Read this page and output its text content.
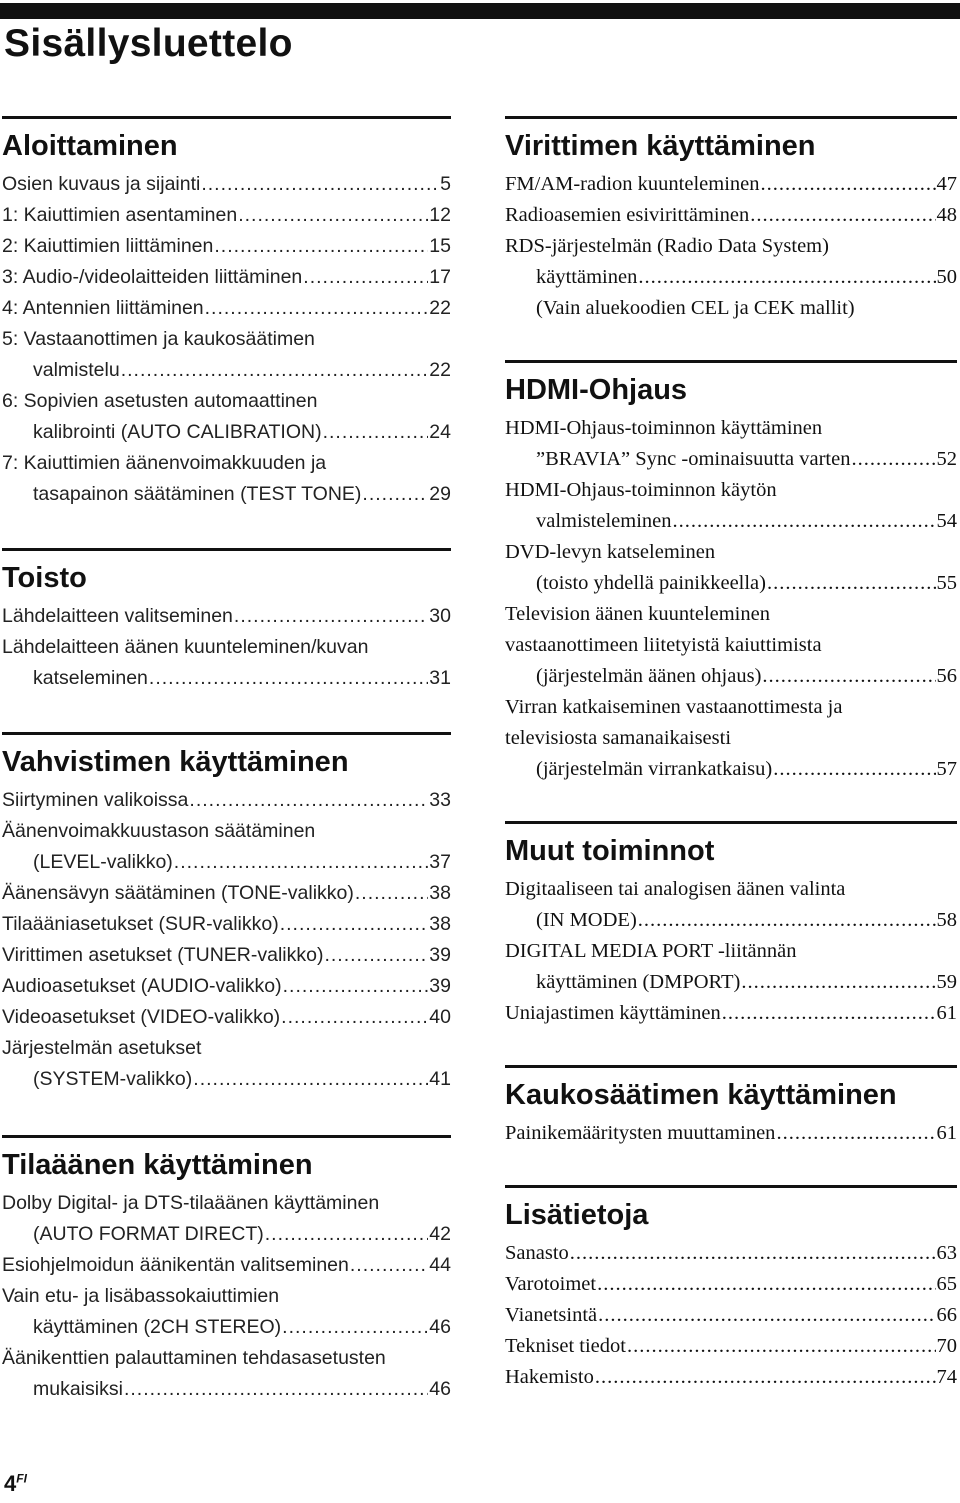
Sisällysluettelo
Aloittaminen
Osien kuvaus ja sijainti .....	5
1: Kaiuttimien asentaminen .....	12
2: Kaiuttimien liittäminen .....	15
3: Audio-/videolaitteiden liittäminen .....	17
4: Antennien liittäminen .....	22
5: Vastaanottimen ja kaukosäätimen
valmistelu .....	22
6: Sopivien asetusten automaattinen
kalibrointi (AUTO CALIBRATION) .....	24
7: Kaiuttimien äänenvoimakkuuden ja
tasapainon säätäminen (TEST TONE) .....	29
Toisto
Lähdelaitteen valitseminen .....	30
Lähdelaitteen äänen kuunteleminen/kuvan
katseleminen .....	31
Vahvistimen käyttäminen
Siirtyminen valikoissa .....	33
Äänenvoimakkuustason säätäminen
(LEVEL-valikko) .....	37
Äänensävyn säätäminen (TONE-valikko) .....	38
Tilaääniasetukset (SUR-valikko) .....	38
Virittimen asetukset (TUNER-valikko) .....	39
Audioasetukset (AUDIO-valikko) .....	39
Videoasetukset (VIDEO-valikko) .....	40
Järjestelmän asetukset
(SYSTEM-valikko) .....	41
Tilaäänen käyttäminen
Dolby Digital- ja DTS-tilaäänen käyttäminen
(AUTO FORMAT DIRECT) .....	42
Esiohjelmoidun äänikentän valitseminen .....	44
Vain etu- ja lisäbassokaiuttimien
käyttäminen (2CH STEREO) .....	46
Äänikenttien palauttaminen tehdasasetusten
mukaisiksi .....	46
Virittimen käyttäminen
FM/AM-radion kuunteleminen .....	47
Radioasemien esivirittäminen .....	48
RDS-järjestelmän (Radio Data System)
käyttäminen .....	50
(Vain aluekoodien CEL ja CEK mallit)
HDMI-Ohjaus
HDMI-Ohjaus-toiminnon käyttäminen
”BRAVIA” Sync -ominaisuutta varten .....	52
HDMI-Ohjaus-toiminnon käytön
valmisteleminen .....	54
DVD-levyn katseleminen
(toisto yhdellä painikkeella) .....	55
Television äänen kuunteleminen
vastaanottimeen liitetyistä kaiuttimista
(järjestelmän äänen ohjaus) .....	56
Virran katkaiseminen vastaanottimesta ja
televisiosta samanaikaisesti
(järjestelmän virrankatkaisu) .....	57
Muut toiminnot
Digitaaliseen tai analogisen äänen valinta
(IN MODE) .....	58
DIGITAL MEDIA PORT -liitännän
käyttäminen (DMPORT) .....	59
Uniajastimen käyttäminen .....	61
Kaukosäätimen käyttäminen
Painikemääritysten muuttaminen .....	61
Lisätietoja
Sanasto .....	63
Varotoimet .....	65
Vianetsintä .....	66
Tekniset tiedot .....	70
Hakemisto .....	74
$4^{FI}$
